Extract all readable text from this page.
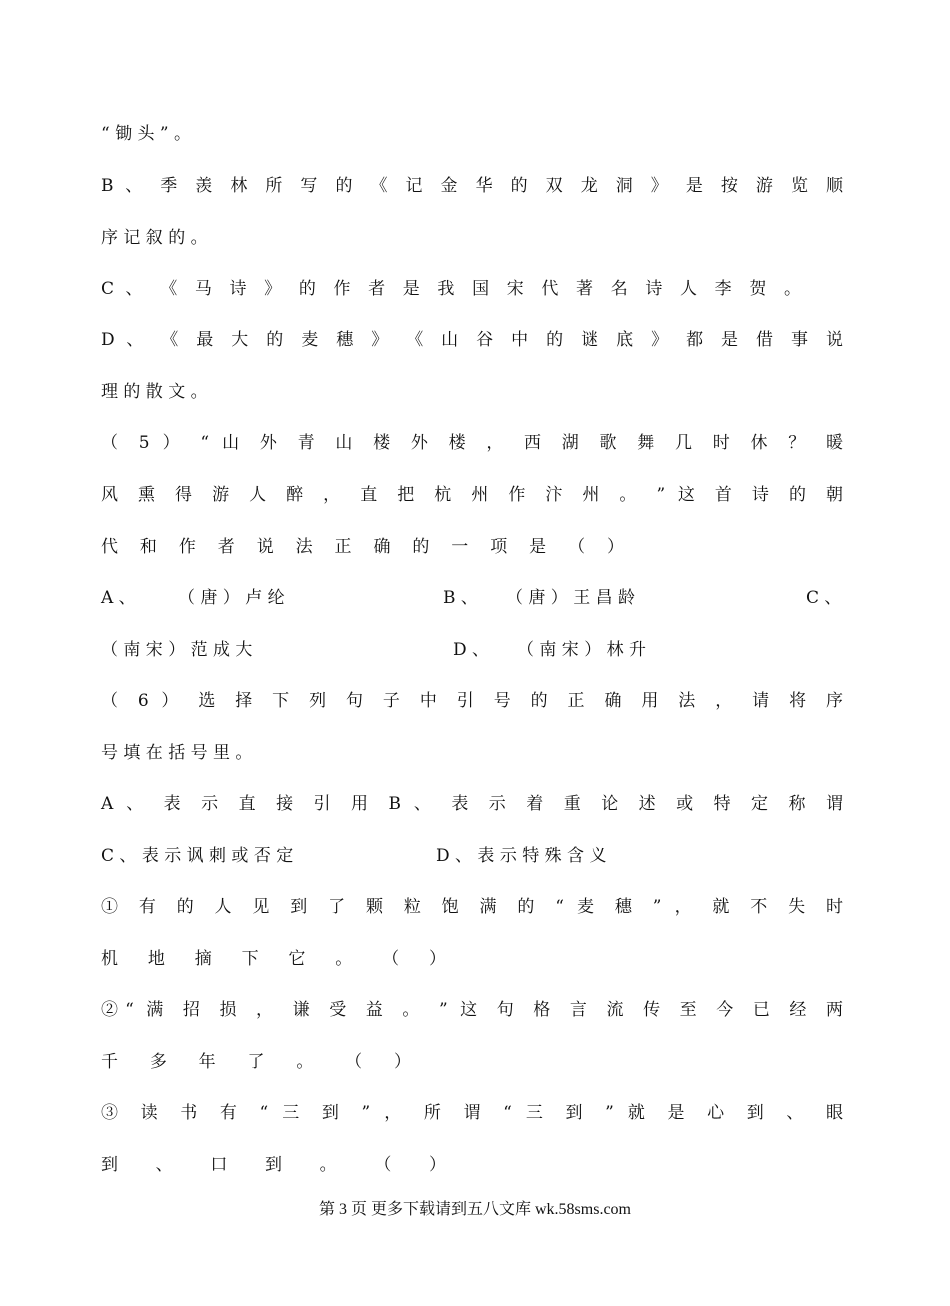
“ 锄 头 ” 。
B 、 季 羡 林 所 写 的 《 记 金 华 的 双 龙 洞 》 是 按 游 览 顺
序 记 叙 的 。
C 、 《 马 诗 》 的 作 者 是 我 国 宋 代 著 名 诗 人 李 贺 。
D 、 《 最 大 的 麦 穗 》 《 山 谷 中 的 谜 底 》 都 是 借 事 说
理 的 散 文 。
（ 5 ） “ 山 外 青 山 楼 外 楼 ， 西 湖 歌 舞 几 时 休 ？ 暖
风 熏 得 游 人 醉 ， 直 把 杭 州 作 汴 州 。 ” 这 首 诗 的 朝
代 和 作 者 说 法 正 确 的 一 项 是 （ ）
A 、 （ 唐 ） 卢 纶	B 、 （ 唐 ） 王 昌 龄	C 、
（ 南 宋 ） 范 成 大	D 、 （ 南 宋 ） 林 升
（ 6 ） 选 择 下 列 句 子 中 引 号 的 正 确 用 法 ， 请 将 序
号 填 在 括 号 里 。
A 、 表 示 直 接 引 用 B 、 表 示 着 重 论 述 或 特 定 称 谓
C 、 表 示 讽 刺 或 否 定	D 、 表 示 特 殊 含 义
① 有 的 人 见 到 了 颗 粒 饱 满 的 “ 麦 穗 ” ， 就 不 失 时
机 地 摘 下 它 。 （ ）
②“ 满 招 损 ， 谦 受 益 。 ” 这 句 格 言 流 传 至 今 已 经 两
千 多 年 了 。 （ ）
③ 读 书 有 “ 三 到 ” ， 所 谓 “ 三 到 ” 就 是 心 到 、 眼
到 、 口 到 。 （ ）
第 3 页 更多下载请到五八文库 wk.58sms.com
